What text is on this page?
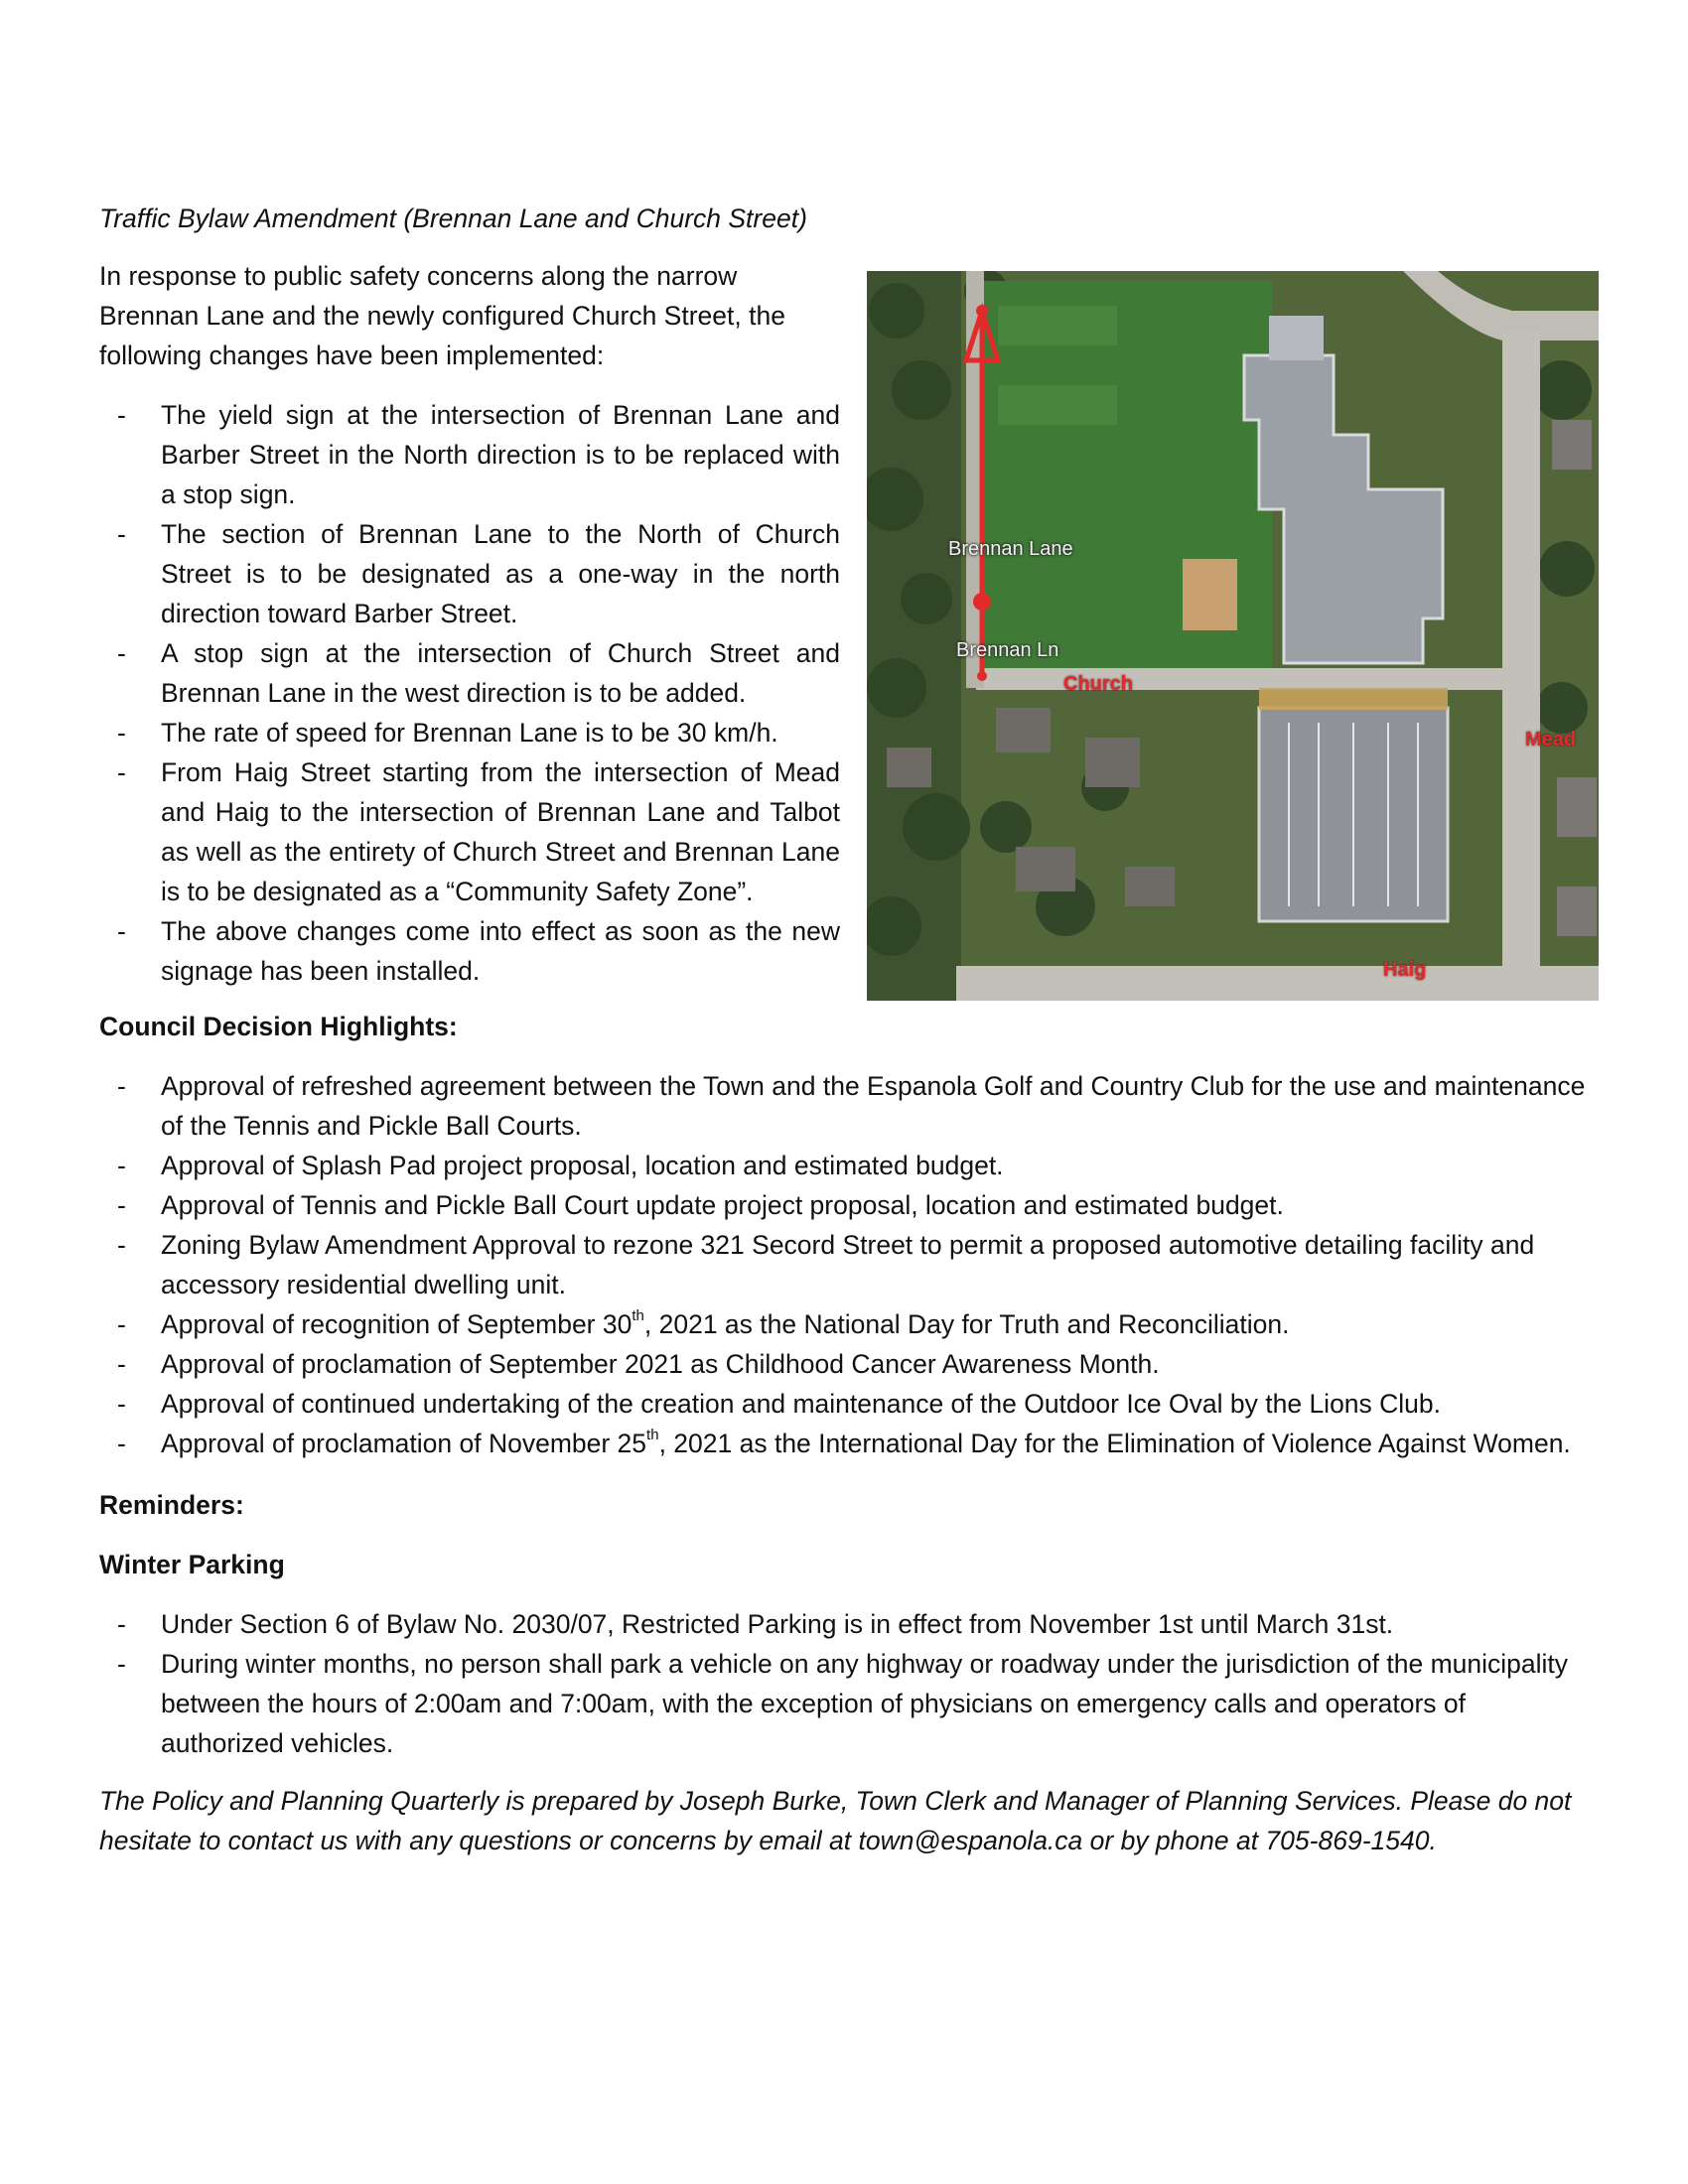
Traffic Bylaw Amendment (Brennan Lane and Church Street)

In response to public safety concerns along the narrow Brennan Lane and the newly configured Church Street, the following changes have been implemented:

- The yield sign at the intersection of Brennan Lane and Barber Street in the North direction is to be replaced with a stop sign.
- The section of Brennan Lane to the North of Church Street is to be designated as a one-way in the north direction toward Barber Street.
- A stop sign at the intersection of Church Street and Brennan Lane in the west direction is to be added.
- The rate of speed for Brennan Lane is to be 30 km/h.
- From Haig Street starting from the intersection of Mead and Haig to the intersection of Brennan Lane and Talbot as well as the entirety of Church Street and Brennan Lane is to be designated as a “Community Safety Zone”.
- The above changes come into effect as soon as the new signage has been installed.

Council Decision Highlights:

- Approval of refreshed agreement between the Town and the Espanola Golf and Country Club for the use and maintenance of the Tennis and Pickle Ball Courts.
- Approval of Splash Pad project proposal, location and estimated budget.
- Approval of Tennis and Pickle Ball Court update project proposal, location and estimated budget.
- Zoning Bylaw Amendment Approval to rezone 321 Secord Street to permit a proposed automotive detailing facility and accessory residential dwelling unit.
- Approval of recognition of September 30th, 2021 as the National Day for Truth and Reconciliation.
- Approval of proclamation of September 2021 as Childhood Cancer Awareness Month.
- Approval of continued undertaking of the creation and maintenance of the Outdoor Ice Oval by the Lions Club.
- Approval of proclamation of November 25th, 2021 as the International Day for the Elimination of Violence Against Women.

Reminders:

Winter Parking

- Under Section 6 of Bylaw No. 2030/07, Restricted Parking is in effect from November 1st until March 31st.
- During winter months, no person shall park a vehicle on any highway or roadway under the jurisdiction of the municipality between the hours of 2:00am and 7:00am, with the exception of physicians on emergency calls and operators of authorized vehicles.

The Policy and Planning Quarterly is prepared by Joseph Burke, Town Clerk and Manager of Planning Services. Please do not hesitate to contact us with any questions or concerns by email at town@espanola.ca or by phone at 705-869-1540.

Brennan Lane
Brennan Ln
Church
Mead
Haig
